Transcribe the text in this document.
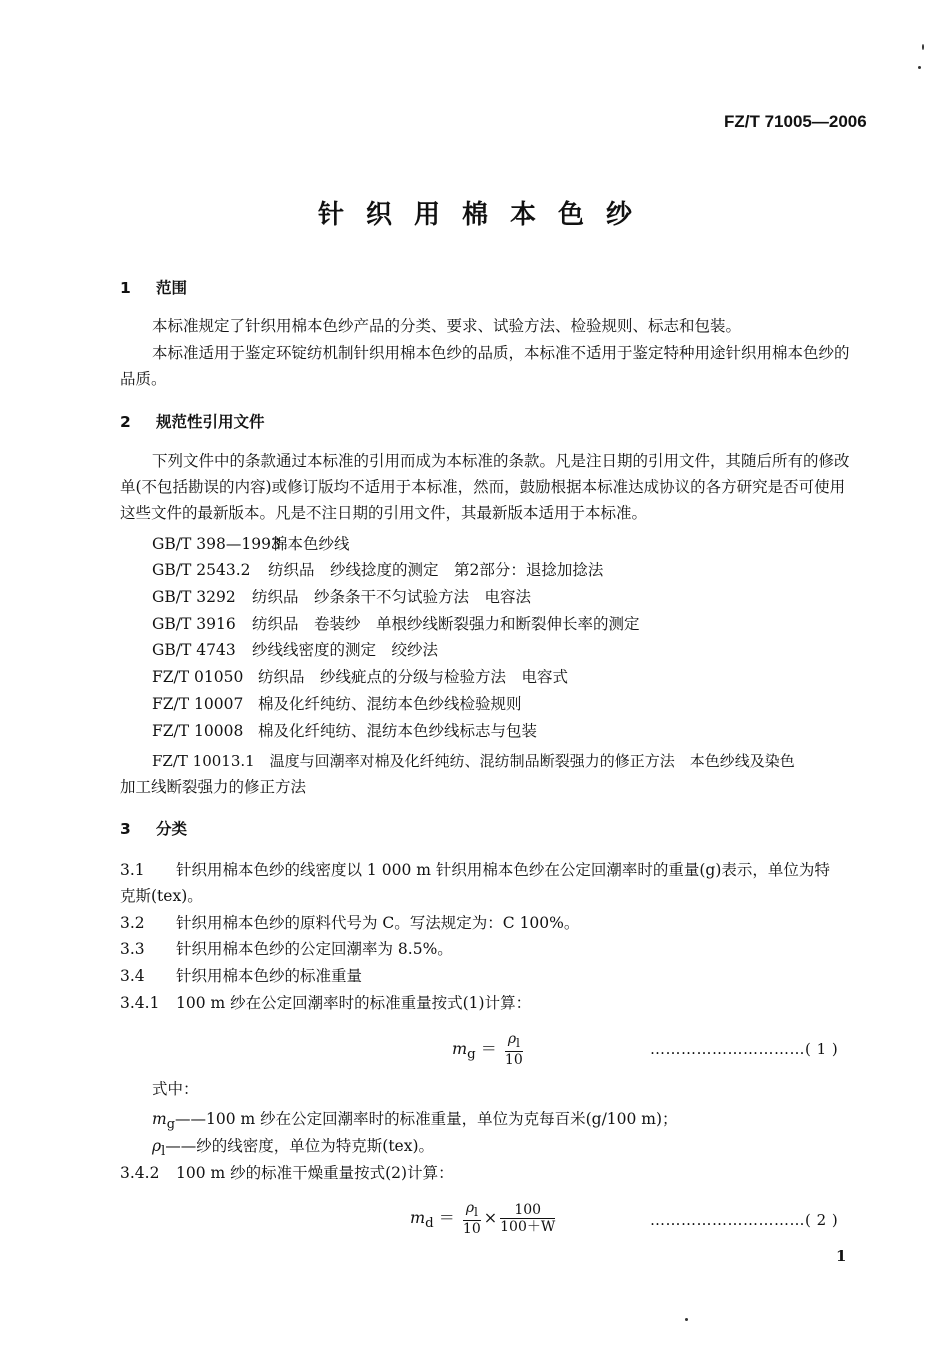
FZ/T 71005—2006
针织用棉本色纱
1 范围
本标准规定了针织用棉本色纱产品的分类、要求、试验方法、检验规则、标志和包装。
本标准适用于鉴定环锭纺机制针织用棉本色纱的品质，本标准不适用于鉴定特种用途针织用棉本色纱的品质。
2 规范性引用文件
下列文件中的条款通过本标准的引用而成为本标准的条款。凡是注日期的引用文件，其随后所有的修改单(不包括勘误的内容)或修订版均不适用于本标准，然而，鼓励根据本标准达成协议的各方研究是否可使用这些文件的最新版本。凡是不注日期的引用文件，其最新版本适用于本标准。
GB/T 398—1993棉本色纱线
GB/T 2543.2 纺织品　纱线捻度的测定　第2部分：退捻加捻法
GB/T 3292 纺织品　纱条条干不匀试验方法　电容法
GB/T 3916 纺织品　卷装纱　单根纱线断裂强力和断裂伸长率的测定
GB/T 4743 纱线线密度的测定　绞纱法
FZ/T 01050 纺织品　纱线疵点的分级与检验方法　电容式
FZ/T 10007 棉及化纤纯纺、混纺本色纱线检验规则
FZ/T 10008 棉及化纤纯纺、混纺本色纱线标志与包装
FZ/T 10013.1　温度与回潮率对棉及化纤纯纺、混纺制品断裂强力的修正方法　本色纱线及染色
加工线断裂强力的修正方法
3 分类
3.1 针织用棉本色纱的线密度以 1 000 m 针织用棉本色纱在公定回潮率时的重量(g)表示，单位为特
克斯(tex)。
3.2 针织用棉本色纱的原料代号为 C。写法规定为：C 100%。
3.3 针织用棉本色纱的公定回潮率为 8.5%。
3.4 针织用棉本色纱的标准重量
3.4.1 100 m 纱在公定回潮率时的标准重量按式(1)计算：
$m_g = \frac{\rho_l}{10}$	…………………………( 1 )
式中：
$m_g——100$ m 纱在公定回潮率时的标准重量，单位为克每百米(g/100 m)；
$\rho_l——$纱的线密度，单位为特克斯(tex)。
3.4.2 100 m 纱的标准干燥重量按式(2)计算：
$m_d = \frac{\rho_l}{10} \times \frac{100}{100+W}$	…………………………( 2 )
1
